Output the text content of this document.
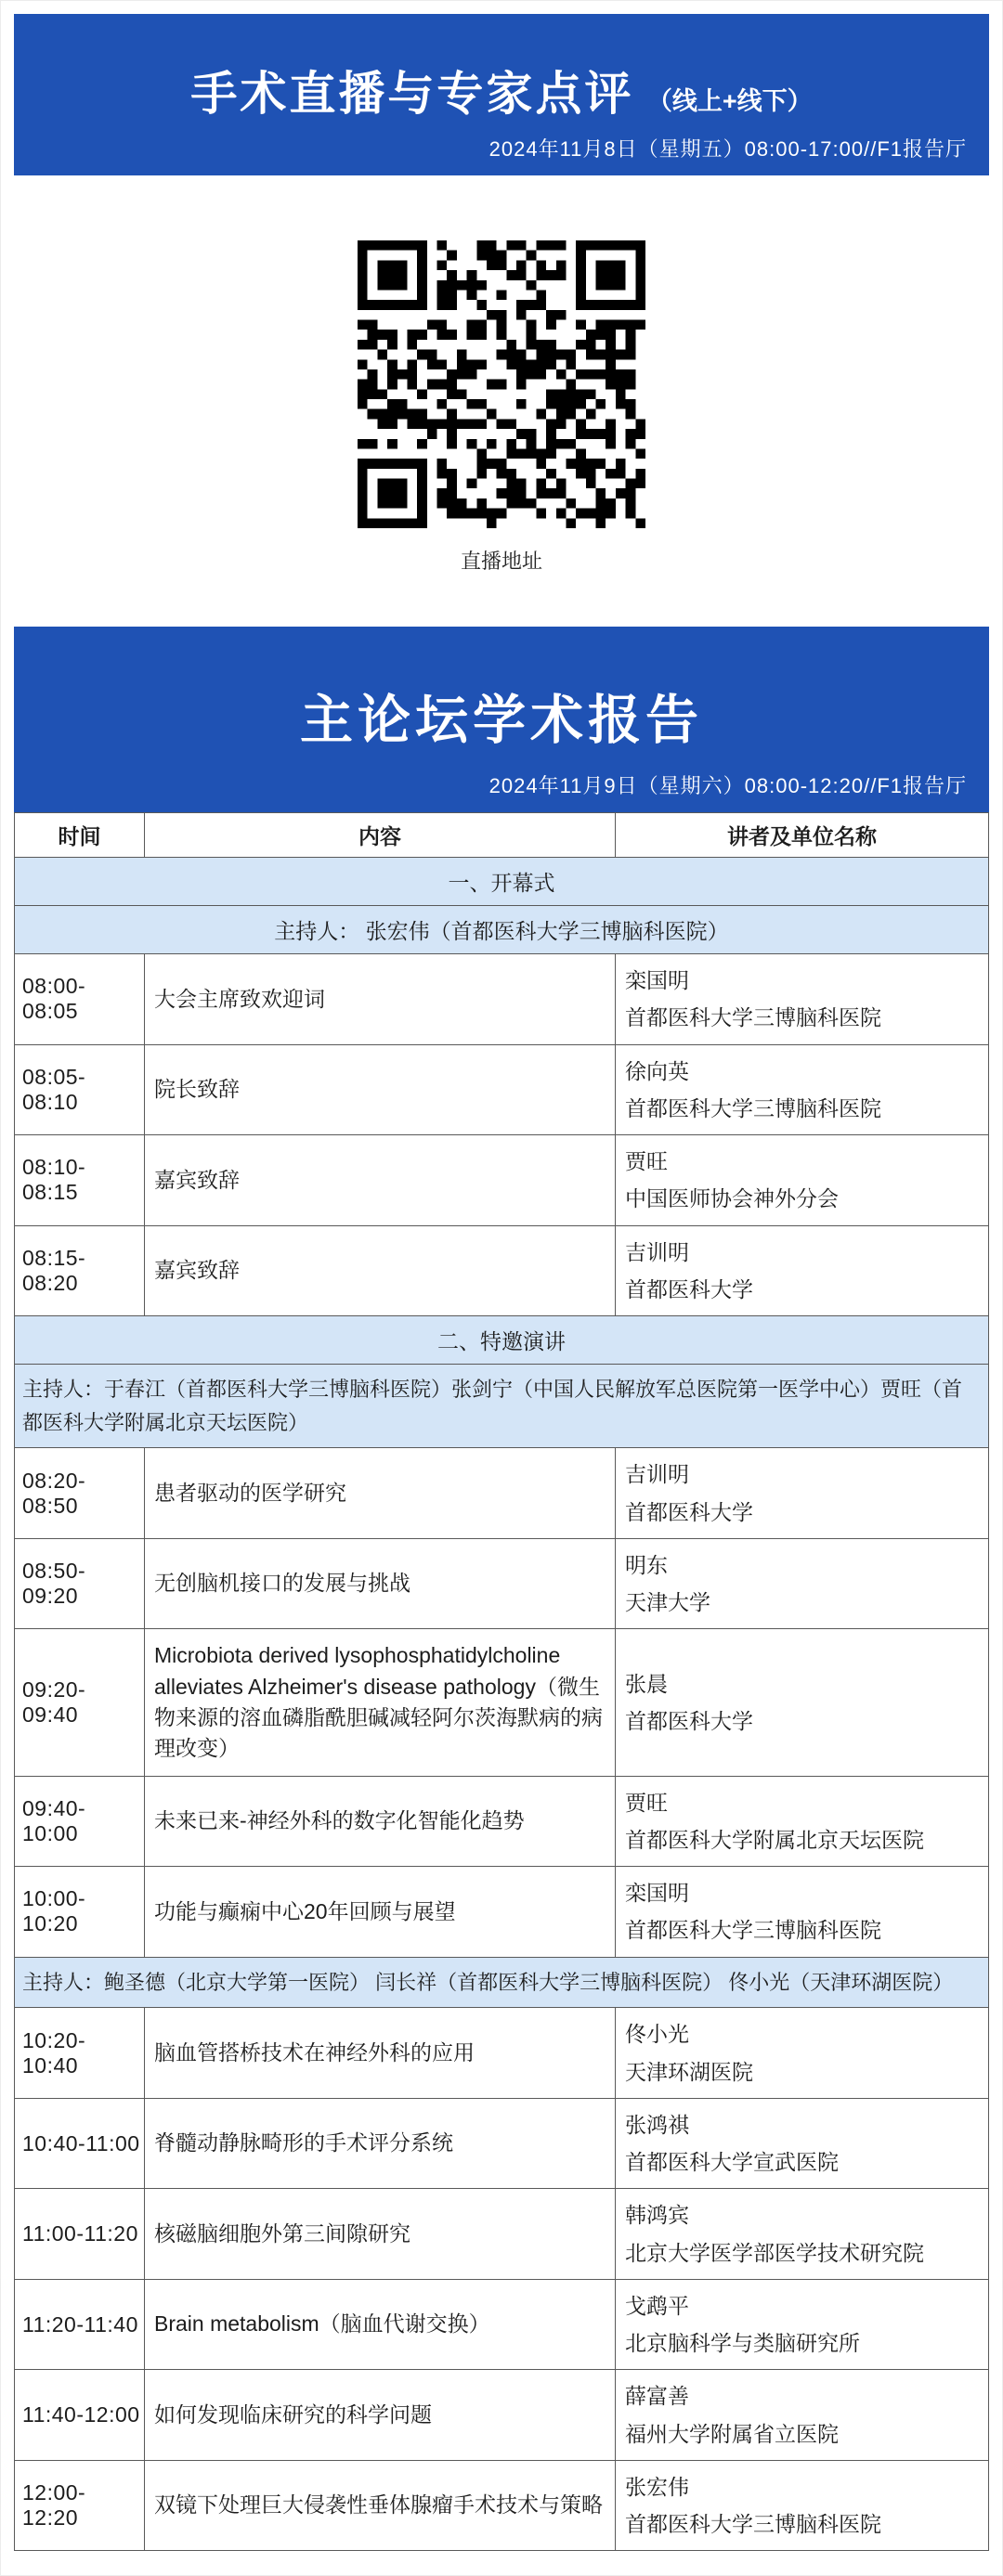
手术直播与专家点评 （线上+线下）
2024年11月8日（星期五）08:00-17:00//F1报告厅
直播地址
主论坛学术报告
2024年11月9日（星期六）08:00-12:20//F1报告厅
时间	内容	讲者及单位名称
一、开幕式		
主持人： 张宏伟（首都医科大学三博脑科医院）		
08:00-08:05	大会主席致欢迎词	栾国明
首都医科大学三博脑科医院

08:05-08:10	院长致辞	徐向英
首都医科大学三博脑科医院

08:10-08:15	嘉宾致辞	贾旺
中国医师协会神外分会

08:15-08:20	嘉宾致辞	吉训明
首都医科大学

二、特邀演讲		
主持人：于春江（首都医科大学三博脑科医院）张剑宁（中国人民解放军总医院第一医学中心）贾旺（首都医科大学附属北京天坛医院）		
08:20-08:50	患者驱动的医学研究	吉训明
首都医科大学

08:50-09:20	无创脑机接口的发展与挑战	明东
天津大学

09:20-09:40	Microbiota derived lysophosphatidylcholine alleviates Alzheimer's disease pathology（微生物来源的溶血磷脂酰胆碱减轻阿尔茨海默病的病理改变）	张晨
首都医科大学

09:40-10:00	未来已来-神经外科的数字化智能化趋势	贾旺
首都医科大学附属北京天坛医院

10:00-10:20	功能与癫痫中心20年回顾与展望	栾国明
首都医科大学三博脑科医院

主持人：鲍圣德（北京大学第一医院） 闫长祥（首都医科大学三博脑科医院） 佟小光（天津环湖医院）		
10:20-10:40	脑血管搭桥技术在神经外科的应用	佟小光
天津环湖医院

10:40-11:00	脊髓动静脉畸形的手术评分系统	张鸿祺
首都医科大学宣武医院

11:00-11:20	核磁脑细胞外第三间隙研究	韩鸿宾
北京大学医学部医学技术研究院

11:20-11:40	Brain metabolism（脑血代谢交换）	戈鹉平
北京脑科学与类脑研究所

11:40-12:00	如何发现临床研究的科学问题	薛富善
福州大学附属省立医院

12:00-12:20	双镜下处理巨大侵袭性垂体腺瘤手术技术与策略	张宏伟
首都医科大学三博脑科医院
